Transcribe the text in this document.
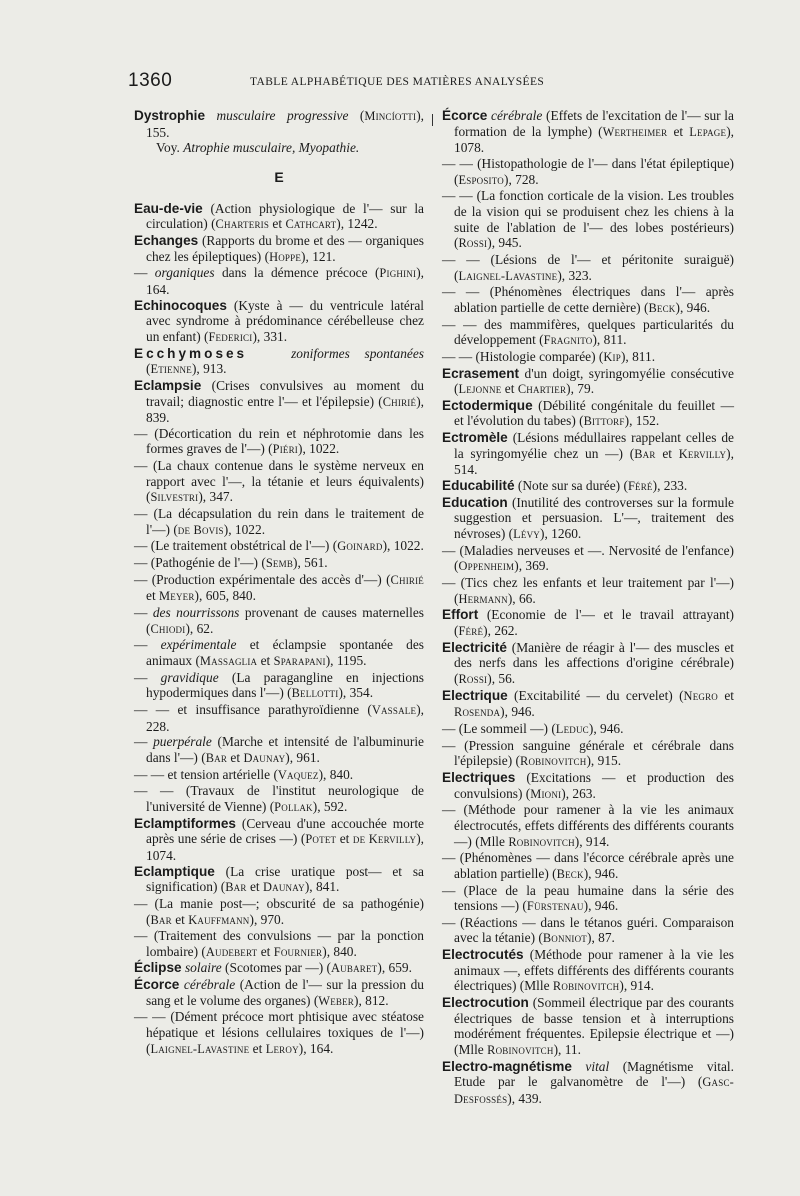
1360	TABLE ALPHABÉTIQUE DES MATIÈRES ANALYSÉES
Dystrophie musculaire progressive (Mincíotti), 155.
Voy. Atrophie musculaire, Myopathie.
E
Eau-de-vie (Action physiologique de l'— sur la circulation) (Charteris et Cathcart), 1242.
Echanges (Rapports du brome et des — organiques chez les épileptiques) (Hoppe), 121.
— organiques dans la démence précoce (Pighini), 164.
Echinocoques (Kyste à — du ventricule latéral avec syndrome à prédominance cérébelleuse chez un enfant) (Federici), 331.
Ecchymoses	zoniformes spontanées (Etienne), 913.
Eclampsie (Crises convulsives au moment du travail; diagnostic entre l'— et l'épilepsie) (Chirié), 839.
— (Décortication du rein et néphrotomie dans les formes graves de l'—) (Piéri), 1022.
— (La chaux contenue dans le système nerveux en rapport avec l'—, la tétanie et leurs équivalents) (Silvestri), 347.
— (La décapsulation du rein dans le traitement de l'—) (de Bovis), 1022.
— (Le traitement obstétrical de l'—) (Goinard), 1022.
— (Pathogénie de l'—) (Semb), 561.
— (Production expérimentale des accès d'—) (Chirié et Meyer), 605, 840.
— des nourrissons provenant de causes maternelles (Chiodi), 62.
— expérimentale et éclampsie spontanée des animaux (Massaglia et Sparapani), 1195.
— gravidique (La paragangline en injections hypodermiques dans l'—) (Bellotti), 354.
— — et insuffisance parathyroïdienne (Vassale), 228.
— puerpérale (Marche et intensité de l'albuminurie dans l'—) (Bar et Daunay), 961.
— — et tension artérielle (Vaquez), 840.
— — (Travaux de l'institut neurologique de l'université de Vienne) (Pollak), 592.
Eclamptiformes (Cerveau d'une accouchée morte après une série de crises —) (Potet et de Kervilly), 1074.
Eclamptique (La crise uratique post— et sa signification) (Bar et Daunay), 841.
— (La manie post—; obscurité de sa pathogénie) (Bar et Kauffmann), 970.
— (Traitement des convulsions — par la ponction lombaire) (Audebert et Fournier), 840.
Éclipse solaire (Scotomes par —) (Aubaret), 659.
Écorce cérébrale (Action de l'— sur la pression du sang et le volume des organes) (Weber), 812.
— — (Dément précoce mort phtisique avec stéatose hépatique et lésions cellulaires toxiques de l'—) (Laignel-Lavastine et Leroy), 164.
Écorce cérébrale (Effets de l'excitation de l'— sur la formation de la lymphe) (Wertheimer et Lepage), 1078.
— — (Histopathologie de l'— dans l'état épileptique) (Esposito), 728.
— — (La fonction corticale de la vision. Les troubles de la vision qui se produisent chez les chiens à la suite de l'ablation de l'— des lobes postérieurs) (Rossi), 945.
— — (Lésions de l'— et péritonite suraiguë) (Laignel-Lavastine), 323.
— — (Phénomènes électriques dans l'— après ablation partielle de cette dernière) (Beck), 946.
— — des mammifères, quelques particularités du développement (Fragnito), 811.
— — (Histologie comparée) (Kip), 811.
Ecrasement d'un doigt, syringomyélie consécutive (Lejonne et Chartier), 79.
Ectodermique (Débilité congénitale du feuillet — et l'évolution du tabes) (Bittorf), 152.
Ectromèle (Lésions médullaires rappelant celles de la syringomyélie chez un —) (Bar et Kervilly), 514.
Educabilité (Note sur sa durée) (Féré), 233.
Education (Inutilité des controverses sur la formule suggestion et persuasion. L'—, traitement des névroses) (Lévy), 1260.
— (Maladies nerveuses et —. Nervosité de l'enfance) (Oppenheim), 369.
— (Tics chez les enfants et leur traitement par l'—) (Hermann), 66.
Effort (Economie de l'— et le travail attrayant) (Féré), 262.
Electricité (Manière de réagir à l'— des muscles et des nerfs dans les affections d'origine cérébrale) (Rossi), 56.
Electrique (Excitabilité — du cervelet) (Negro et Rosenda), 946.
— (Le sommeil —) (Leduc), 946.
— (Pression sanguine générale et cérébrale dans l'épilepsie) (Robinovitch), 915.
Electriques (Excitations — et production des convulsions) (Mioni), 263.
— (Méthode pour ramener à la vie les animaux électrocutés, effets différents des différents courants —) (Mlle Robinovitch), 914.
— (Phénomènes — dans l'écorce cérébrale après une ablation partielle) (Beck), 946.
— (Place de la peau humaine dans la série des tensions —) (Fürstenau), 946.
— (Réactions — dans le tétanos guéri. Comparaison avec la tétanie) (Bonniot), 87.
Electrocutés (Méthode pour ramener à la vie les animaux —, effets différents des différents courants électriques) (Mlle Robinovitch), 914.
Electrocution (Sommeil électrique par des courants électriques de basse tension et à interruptions modérément fréquentes. Epilepsie électrique et —) (Mlle Robinovitch), 11.
Electro-magnétisme vital (Magnétisme vital. Etude par le galvanomètre de l'—) (Gasc-Desfossés), 439.
